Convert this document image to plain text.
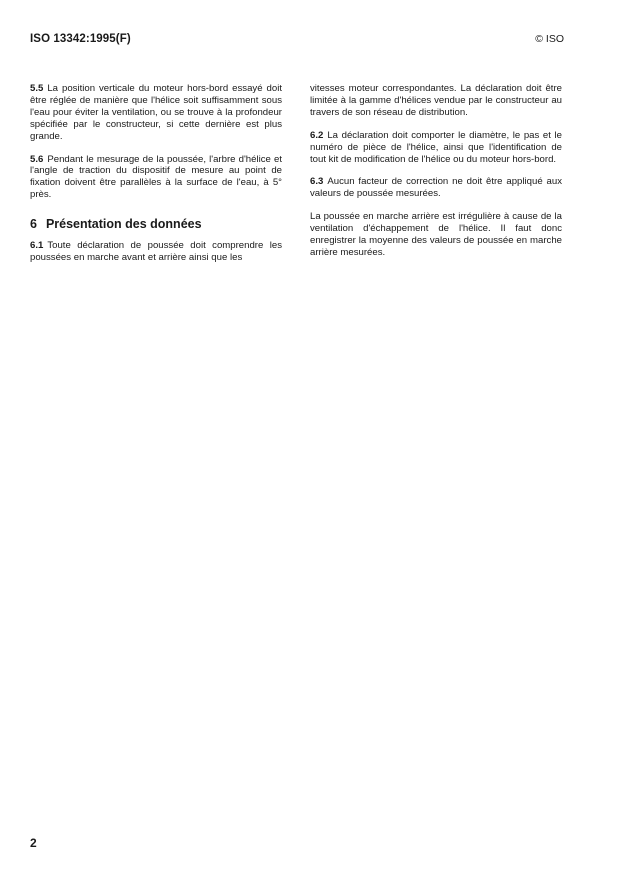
ISO 13342:1995(F)	© ISO

5.5 La position verticale du moteur hors-bord essayé doit être réglée de manière que l'hélice soit suffisamment sous l'eau pour éviter la ventilation, ou se trouve à la profondeur spécifiée par le constructeur, si cette dernière est plus grande.

5.6 Pendant le mesurage de la poussée, l'arbre d'hélice et l'angle de traction du dispositif de mesure au point de fixation doivent être parallèles à la surface de l'eau, à 5° près.

6 Présentation des données

6.1 Toute déclaration de poussée doit comprendre les poussées en marche avant et arrière ainsi que les

vitesses moteur correspondantes. La déclaration doit être limitée à la gamme d'hélices vendue par le constructeur au travers de son réseau de distribution.

6.2 La déclaration doit comporter le diamètre, le pas et le numéro de pièce de l'hélice, ainsi que l'identification de tout kit de modification de l'hélice ou du moteur hors-bord.

6.3 Aucun facteur de correction ne doit être appliqué aux valeurs de poussée mesurées.

La poussée en marche arrière est irrégulière à cause de la ventilation d'échappement de l'hélice. Il faut donc enregistrer la moyenne des valeurs de poussée en marche arrière mesurées.

2
